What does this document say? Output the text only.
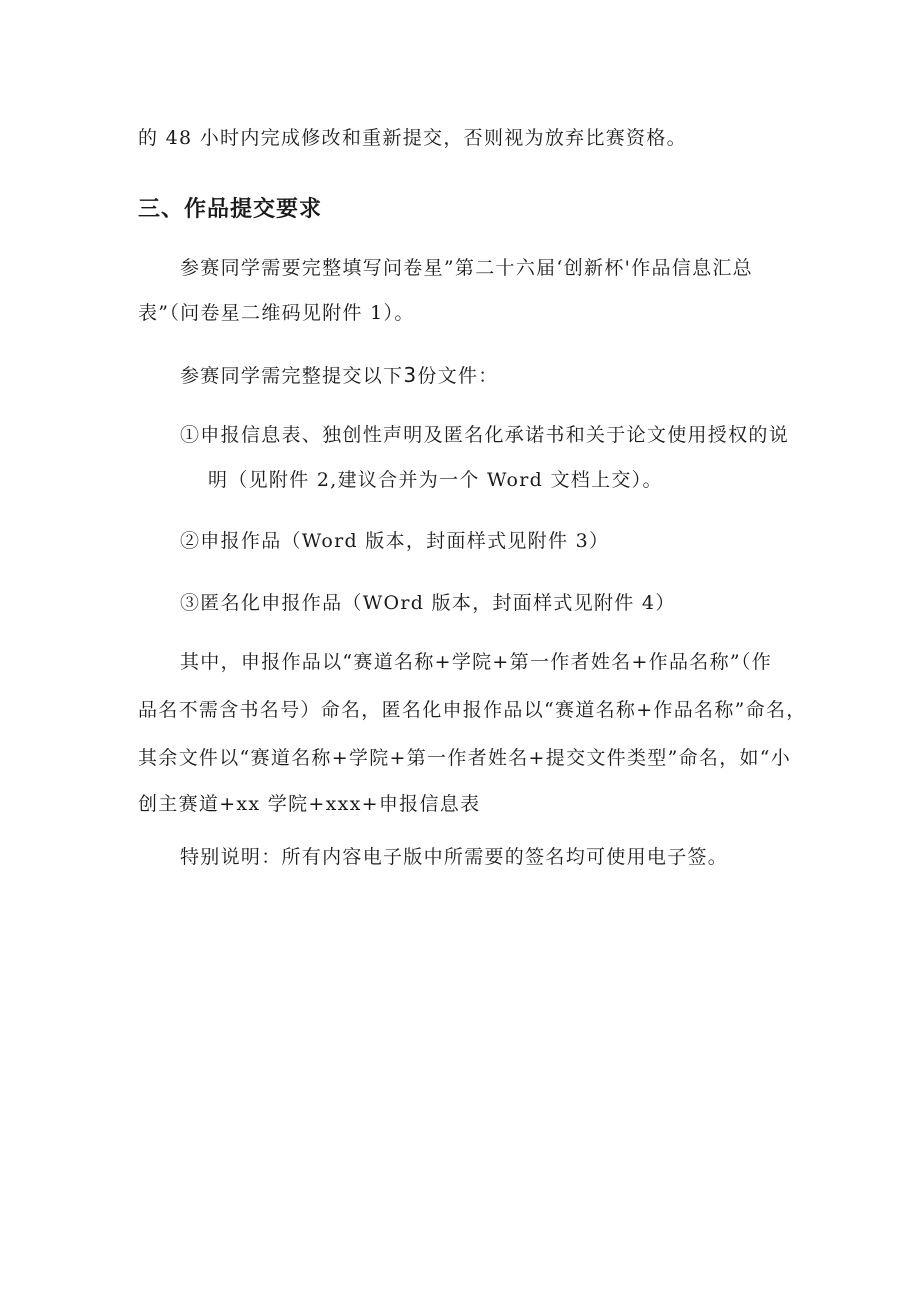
的 48 小时内完成修改和重新提交，否则视为放弃比赛资格。
三、作品提交要求
参赛同学需要完整填写问卷星”第二十六届‘创新杯'作品信息汇总
表”（问卷星二维码见附件 1）。
参赛同学需完整提交以下3份文件：
①申报信息表、独创性声明及匿名化承诺书和关于论文使用授权的说
明（见附件 2,建议合并为一个 Word 文档上交）。
②申报作品（Word 版本，封面样式见附件 3）
③匿名化申报作品（WOrd 版本，封面样式见附件 4）
其中，申报作品以“赛道名称+学院+第一作者姓名+作品名称”（作
品名不需含书名号）命名，匿名化申报作品以“赛道名称+作品名称”命名，
其余文件以“赛道名称+学院+第一作者姓名+提交文件类型”命名，如“小
创主赛道+xx 学院+xxx+申报信息表
特别说明：所有内容电子版中所需要的签名均可使用电子签。
